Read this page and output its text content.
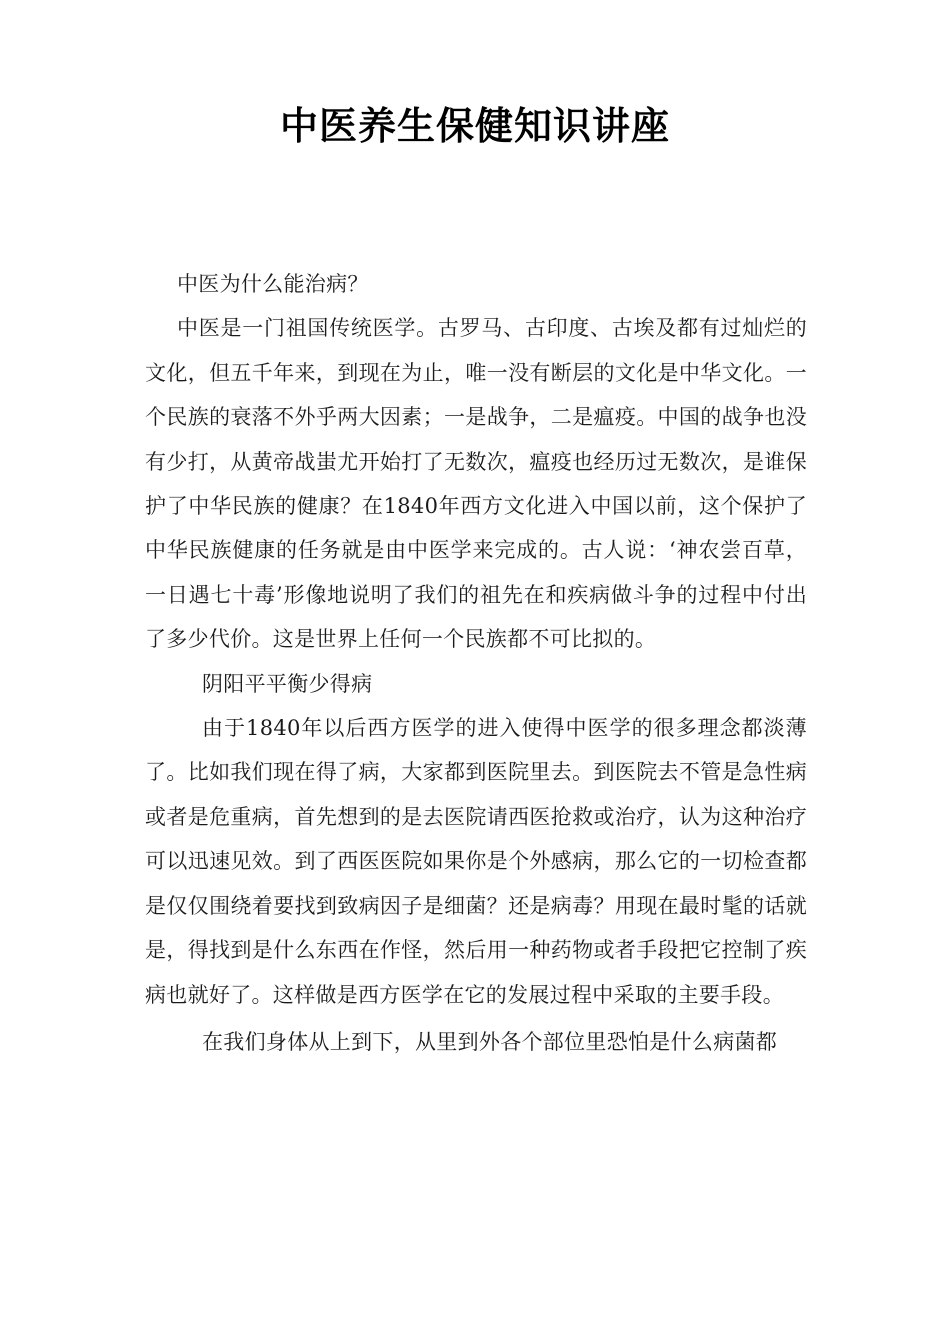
中医养生保健知识讲座

中医为什么能治病？

中医是一门祖国传统医学。古罗马、古印度、古埃及都有过灿烂的文化，但五千年来，到现在为止，唯一没有断层的文化是中华文化。一个民族的衰落不外乎两大因素；一是战争，二是瘟疫。中国的战争也没有少打，从黄帝战蚩尤开始打了无数次，瘟疫也经历过无数次，是谁保护了中华民族的健康？在1840年西方文化进入中国以前，这个保护了中华民族健康的任务就是由中医学来完成的。古人说：‘神农尝百草，一日遇七十毒’形像地说明了我们的祖先在和疾病做斗争的过程中付出了多少代价。这是世界上任何一个民族都不可比拟的。

阴阳平平衡少得病

由于1840年以后西方医学的进入使得中医学的很多理念都淡薄了。比如我们现在得了病，大家都到医院里去。到医院去不管是急性病或者是危重病，首先想到的是去医院请西医抢救或治疗，认为这种治疗可以迅速见效。到了西医医院如果你是个外感病，那么它的一切检查都是仅仅围绕着要找到致病因子是细菌？还是病毒？用现在最时髦的话就是，得找到是什么东西在作怪，然后用一种药物或者手段把它控制了疾病也就好了。这样做是西方医学在它的发展过程中采取的主要手段。

在我们身体从上到下，从里到外各个部位里恐怕是什么病菌都
